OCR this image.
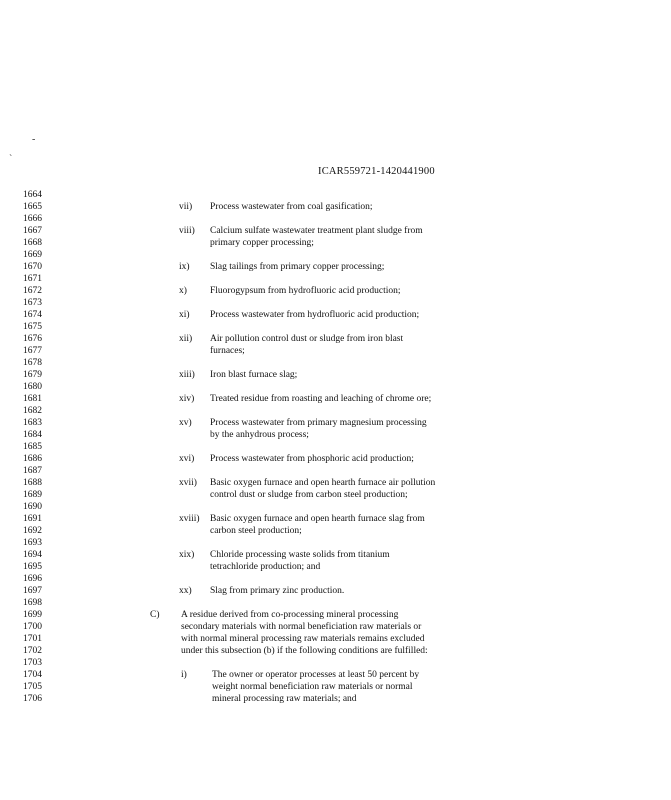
-
`
ICAR559721-1420441900
1664
1665
1666
1667
1668
1669
1670
1671
1672
1673
1674
1675
1676
1677
1678
1679
1680
1681
1682
1683
1684
1685
1686
1687
1688
1689
1690
1691
1692
1693
1694
1695
1696
1697
1698
1699
1700
1701
1702
1703
1704
1705
1706
vii) Process wastewater from coal gasification;
viii) Calcium sulfate wastewater treatment plant sludge from
primary copper processing;
ix) Slag tailings from primary copper processing;
x) Fluorogypsum from hydrofluoric acid production;
xi) Process wastewater from hydrofluoric acid production;
xii) Air pollution control dust or sludge from iron blast
furnaces;
xiii) Iron blast furnace slag;
xiv) Treated residue from roasting and leaching of chrome ore;
xv) Process wastewater from primary magnesium processing
by the anhydrous process;
xvi) Process wastewater from phosphoric acid production;
xvii) Basic oxygen furnace and open hearth furnace air pollution
control dust or sludge from carbon steel production;
xviii) Basic oxygen furnace and open hearth furnace slag from
carbon steel production;
xix) Chloride processing waste solids from titanium
tetrachloride production; and
xx) Slag from primary zinc production.
C) A residue derived from co-processing mineral processing
secondary materials with normal beneficiation raw materials or
with normal mineral processing raw materials remains excluded
under this subsection (b) if the following conditions are fulfilled:
i)	The owner or operator processes at least 50 percent by
weight normal beneficiation raw materials or normal
mineral processing raw materials; and
